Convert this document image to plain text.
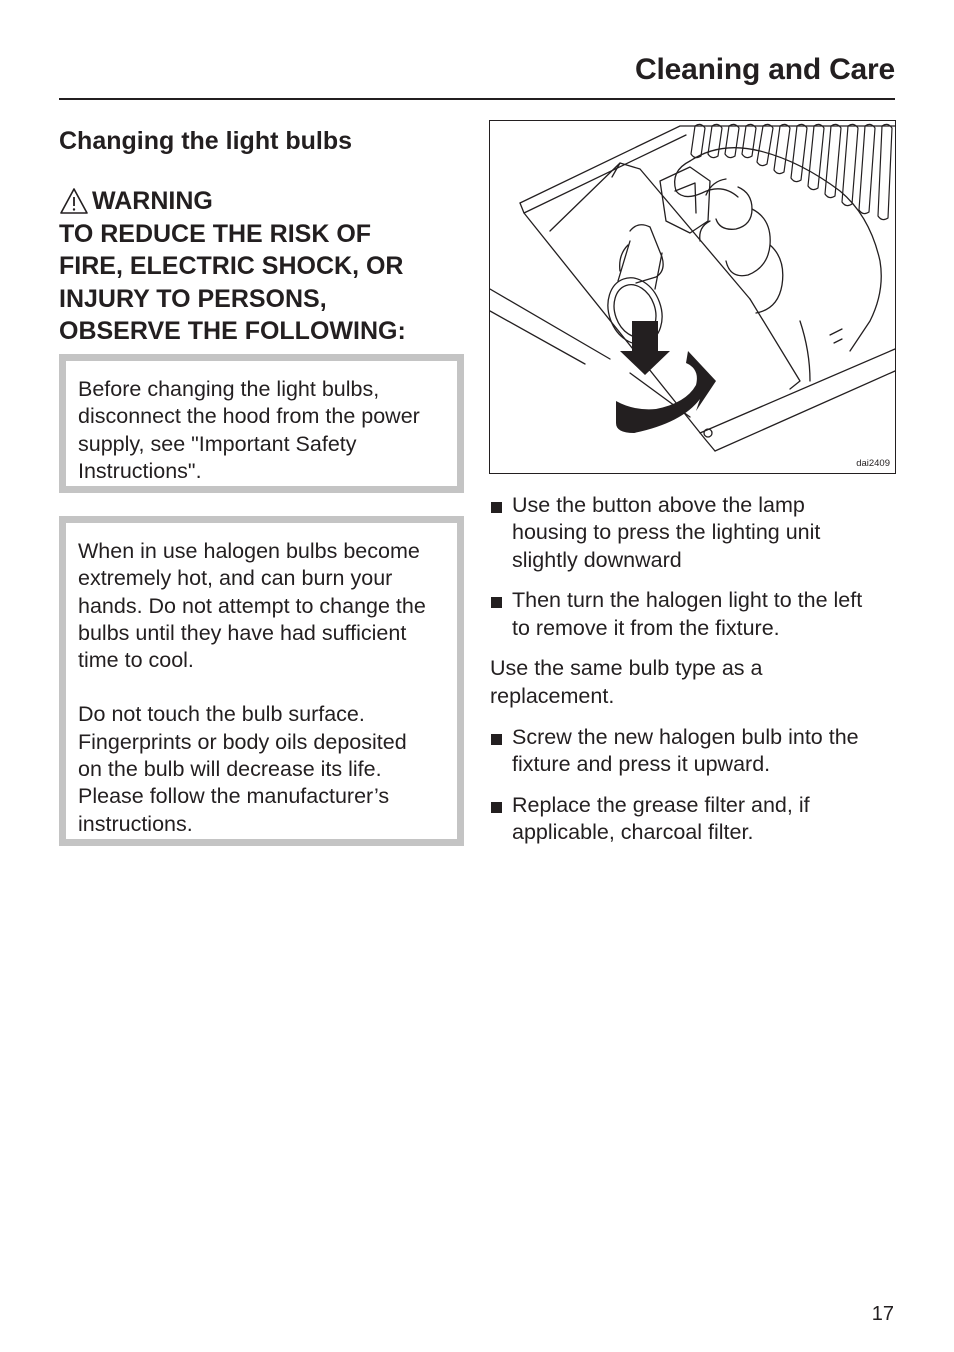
Cleaning and Care
Changing the light bulbs
WARNING
TO REDUCE THE RISK OF
FIRE, ELECTRIC SHOCK, OR
INJURY TO PERSONS,
OBSERVE THE FOLLOWING:

Before changing the light bulbs,

disconnect the hood from the power

supply, see "Important Safety

Instructions".

When in use halogen bulbs become

extremely hot, and can burn your

hands. Do not attempt to change the

bulbs until they have had sufficient

time to cool.

Do not touch the bulb surface.

Fingerprints or body oils deposited

on the bulb will decrease its life.

Please follow the manufacturer’s

instructions.

dai2409

Use the button above the lamp

housing to press the lighting unit

slightly downward

Then turn the halogen light to the left

to remove it from the fixture.

Use the same bulb type as a

replacement.

Screw the new halogen bulb into the

fixture and press it upward.

Replace the grease filter and, if

applicable, charcoal filter.

17
